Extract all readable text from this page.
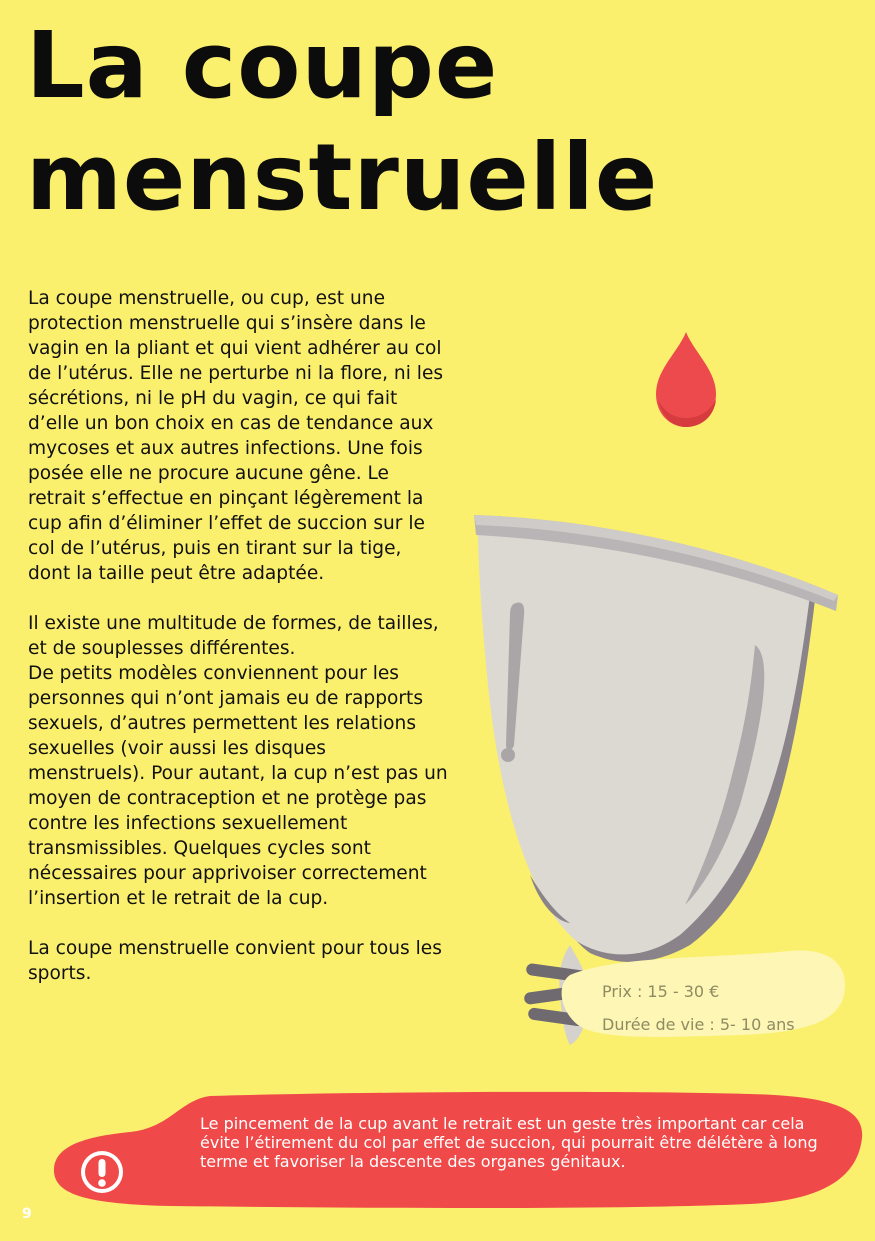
La coupe
menstruelle

La coupe menstruelle, ou cup, est une protection menstruelle qui s’insère dans le vagin en la pliant et qui vient adhérer au col de l’utérus. Elle ne perturbe ni la flore, ni les sécrétions, ni le pH du vagin, ce qui fait d’elle un bon choix en cas de tendance aux mycoses et aux autres infections. Une fois posée elle ne procure aucune gêne. Le retrait s’effectue en pinçant légèrement la cup afin d’éliminer l’effet de succion sur le col de l’utérus, puis en tirant sur la tige, dont la taille peut être adaptée.

Il existe une multitude de formes, de tailles, et de souplesses différentes.

De petits modèles conviennent pour les personnes qui n’ont jamais eu de rapports sexuels, d’autres permettent les relations sexuelles (voir aussi les disques menstruels). Pour autant, la cup n’est pas un moyen de contraception et ne protège pas contre les infections sexuellement transmissibles. Quelques cycles sont nécessaires pour apprivoiser correctement l’insertion et le retrait de la cup.

La coupe menstruelle convient pour tous les sports.

Prix : 15 - 30 €
Durée de vie : 5- 10 ans
Le pincement de la cup avant le retrait est un geste très important car cela évite l’étirement du col par effet de succion, qui pourrait être délétère à long terme et favoriser la descente des organes génitaux.
9
